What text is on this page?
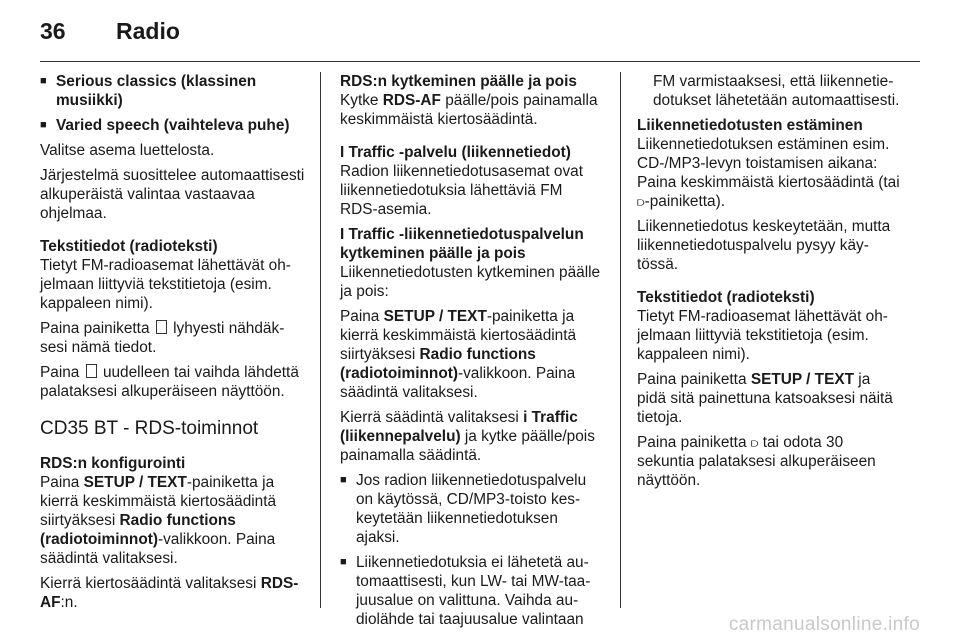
36 Radio
■ Serious classics (klassinen musiikki)
■ Varied speech (vaihteleva puhe)

Valitse asema luettelosta.

Järjestelmä suosittelee automaattisesti alkuperäistä valintaa vastaavaa ohjelmaa.

Tekstitiedot (radioteksti)

Tietyt FM-radioasemat lähettävät ohjelmaan liittyviä tekstitietoja (esim. kappaleen nimi).

Paina painiketta lyhyesti nähdäksesi nämä tiedot.

Paina uudelleen tai vaihda lähdettä palataksesi alkuperäiseen näyttöön.

CD35 BT - RDS-toiminnot

RDS:n konfigurointi

Paina SETUP / TEXT-painiketta ja kierrä keskimmäistä kiertosäädintä siirtyäksesi Radio functions (radiotoiminnot)-valikkoon. Paina säädintä valitaksesi.

Kierrä kiertosäädintä valitaksesi RDS-AF:n.

RDS:n kytkeminen päälle ja pois

Kytke RDS-AF päälle/pois painamalla keskimmäistä kiertosäädintä.

I Traffic -palvelu (liikennetiedot)

Radion liikennetiedotusasemat ovat liikennetiedotuksia lähettäviä FM RDS-asemia.

I Traffic -liikennetiedotuspalvelun kytkeminen päälle ja pois

Liikennetiedotusten kytkeminen päälle ja pois:

Paina SETUP / TEXT-painiketta ja kierrä keskimmäistä kiertosäädintä siirtyäksesi Radio functions (radiotoiminnot)-valikkoon. Paina säädintä valitaksesi.

Kierrä säädintä valitaksesi i Traffic (liikennepalvelu) ja kytke päälle/pois painamalla säädintä.

■ Jos radion liikennetiedotuspalvelu on käytössä, CD/MP3-toisto keskeytetään liikennetiedotuksen ajaksi.
■ Liikennetiedotuksia ei lähetetä automaattisesti, kun LW- tai MW-taajuusalue on valittuna. Vaihda audiolähde tai taajuusalue valintaan

FM varmistaaksesi, että liikennetiedotukset lähetetään automaattisesti.

Liikennetiedotusten estäminen

Liikennetiedotuksen estäminen esim. CD-/MP3-levyn toistamisen aikana: Paina keskimmäistä kiertosäädintä (tai ⫐-painiketta).

Liikennetiedotus keskeytetään, mutta liikennetiedotuspalvelu pysyy käytössä.

Tekstitiedot (radioteksti)

Tietyt FM-radioasemat lähettävät ohjelmaan liittyviä tekstitietoja (esim. kappaleen nimi).

Paina painiketta SETUP / TEXT ja pidä sitä painettuna katsoaksesi näitä tietoja.

Paina painiketta ⫐ tai odota 30 sekuntia palataksesi alkuperäiseen näyttöön.

carmanualsonline.info
